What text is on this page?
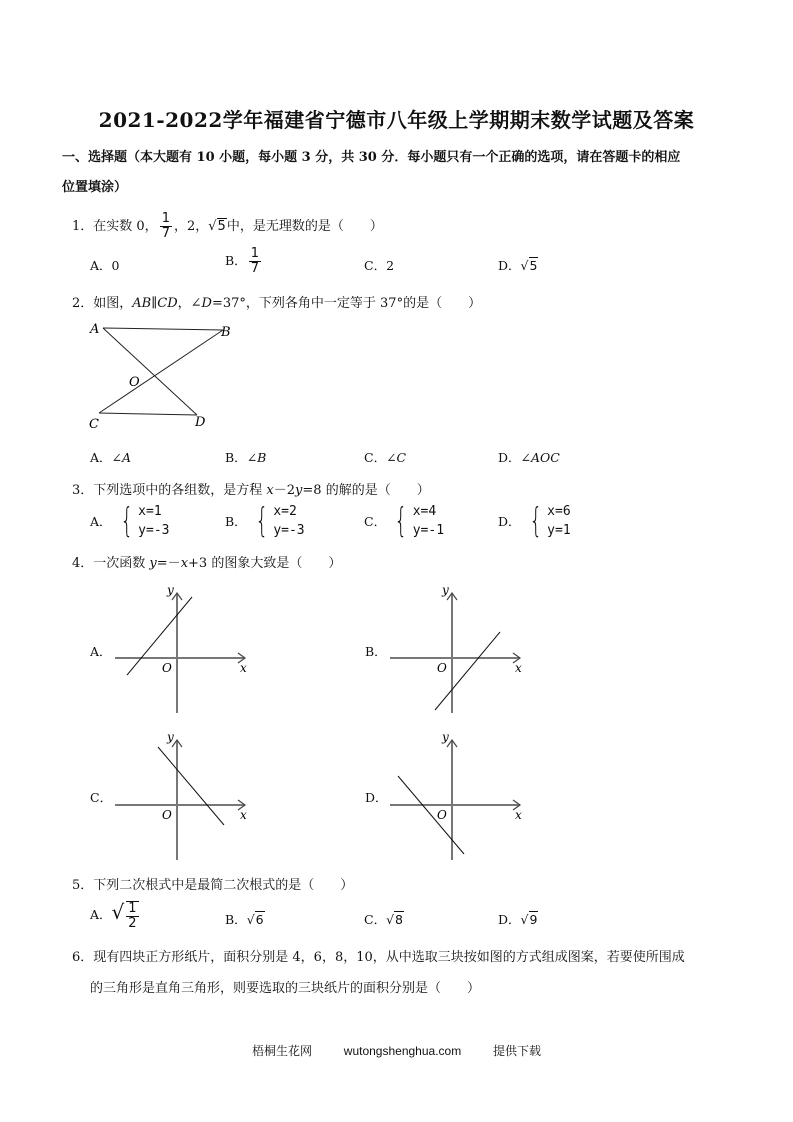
2021-2022学年福建省宁德市八年级上学期期末数学试题及答案
一、选择题（本大题有 10 小题，每小题 3 分，共 30 分．每小题只有一个正确的选项，请在答题卡的相应
位置填涂）
1．在实数 0， $\frac{1}{7}$ ，2，√5中，是无理数的是（　　）
A．0	B． $\frac{1}{7}$	C．2	D．√5
2．如图，AB∥CD，∠D=37°，下列各角中一定等于 37°的是（　　）
A	B
C	D
O
A．∠A	B．∠B	C．∠C	D．∠AOC
3．下列选项中的各组数，是方程 x－2y=8 的解的是（　　）
A． { x=1
y=-3
B． { x=2
y=-3
C． { x=4
y=-1
D． { x=6
y=1
4．一次函数 y=－x+3 的图象大致是（　　）
A．
y
x
O
B．
y
x
O
C．
y
x
O
D．
y
x
O
5．下列二次根式中是最简二次根式的是（　　）
A．√ $\frac{1}{2}$	B．√6	C．√8	D．√9
6．现有四块正方形纸片，面积分别是 4，6，8，10，从中选取三块按如图的方式组成图案，若要使所围成
的三角形是直角三角形，则要选取的三块纸片的面积分别是（　　）
梧桐生花网	wutongshenghua.com	提供下载
